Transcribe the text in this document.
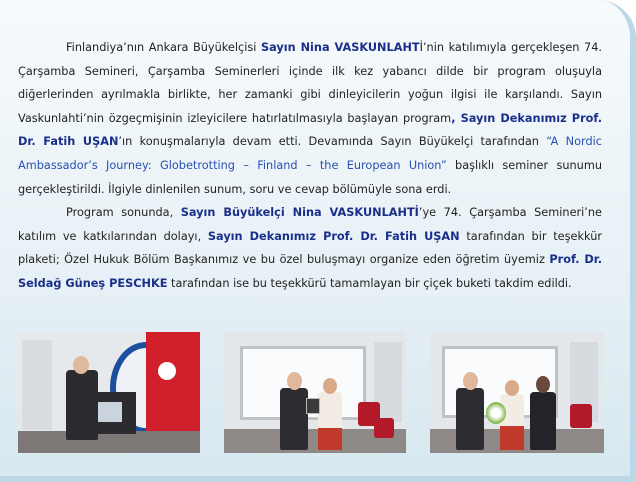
Finlandiya’nın Ankara Büyükelçisi Sayın Nina VASKUNLAHTİ’nin katılımıyla gerçekleşen 74. Çarşamba Semineri, Çarşamba Seminerleri içinde ilk kez yabancı dilde bir program oluşuyla diğerlerinden ayrılmakla birlikte, her zamanki gibi dinleyicilerin yoğun ilgisi ile karşılandı. Sayın Vaskunlahti’nin özgeçmişinin izleyicilere hatırlatılmasıyla başlayan program, Sayın Dekanımız Prof. Dr. Fatih UŞAN’ın konuşmalarıyla devam etti. Devamında Sayın Büyükelçi tarafından “A Nordic Ambassador’s Journey: Globetrotting – Finland – the European Union” başlıklı seminer sunumu gerçekleştirildi. İlgiyle dinlenilen sunum, soru ve cevap bölümüyle sona erdi.

Program sonunda, Sayın Büyükelçi Nina VASKUNLAHTİ’ye 74. Çarşamba Semineri’ne katılım ve katkılarından dolayı, Sayın Dekanımız Prof. Dr. Fatih UŞAN tarafından bir teşekkür plaketi; Özel Hukuk Bölüm Başkanımız ve bu özel buluşmayı organize eden öğretim üyemiz Prof. Dr. Seldağ Güneş PESCHKE tarafından ise bu teşekkürü tamamlayan bir çiçek buketi takdim edildi.
